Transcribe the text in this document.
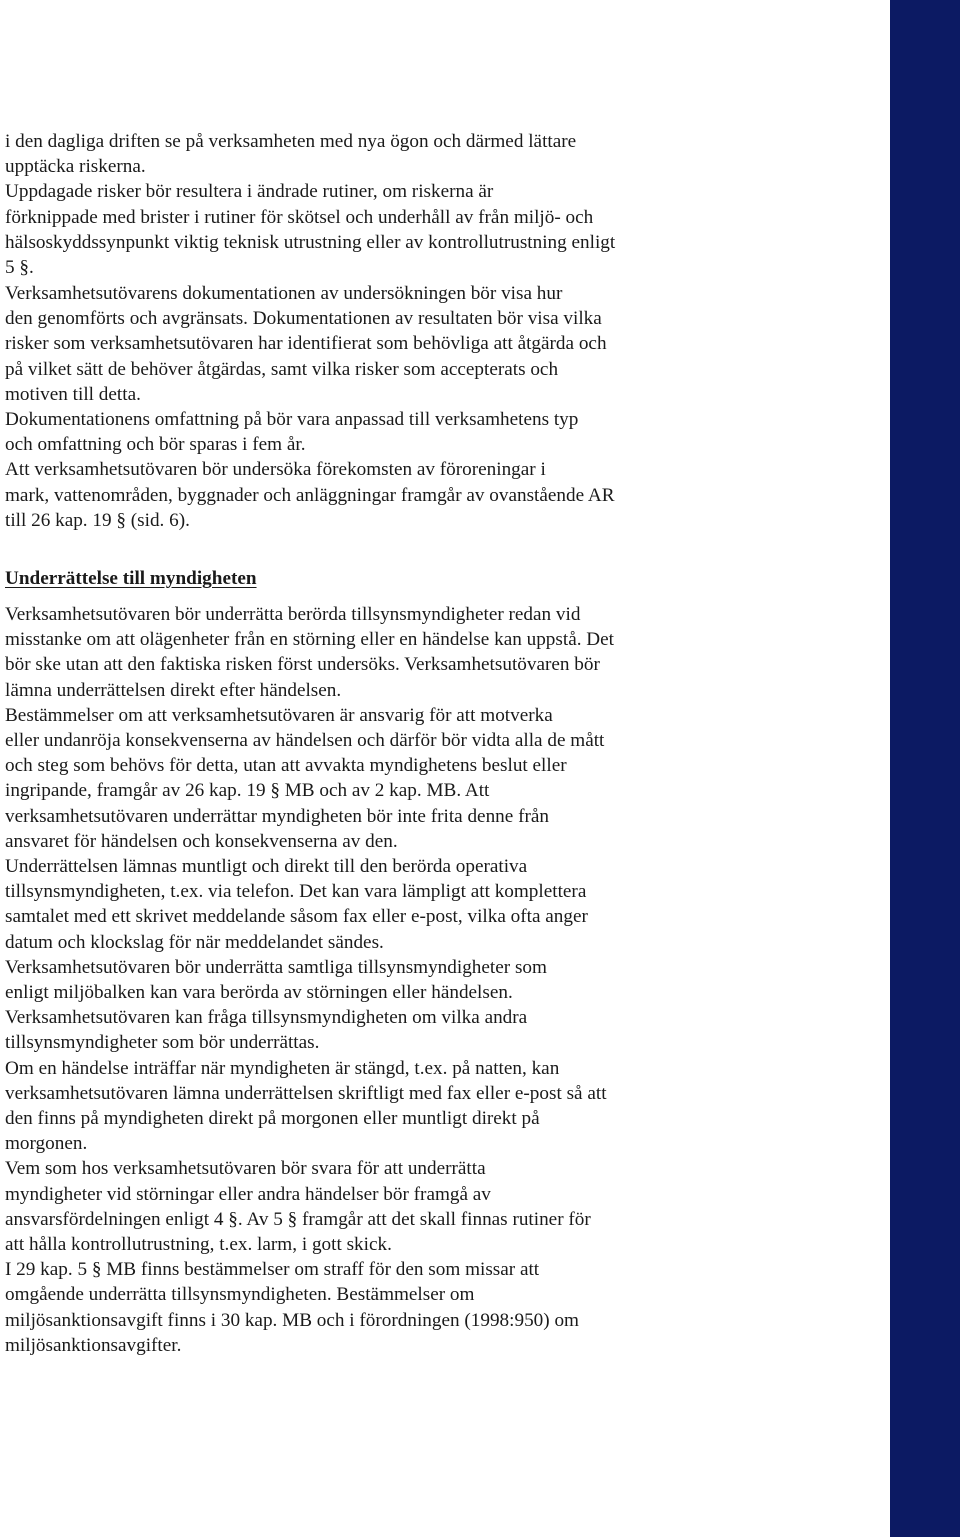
i den dagliga driften se på verksamheten med nya ögon och därmed lättare
upptäcka riskerna.
Uppdagade risker bör resultera i ändrade rutiner, om riskerna är
förknippade med brister i rutiner för skötsel och underhåll av från miljö- och
hälsoskyddssynpunkt viktig teknisk utrustning eller av kontrollutrustning enligt
5 §.

Verksamhetsutövarens dokumentationen av undersökningen bör visa hur
den genomförts och avgränsats. Dokumentationen av resultaten bör visa vilka
risker som verksamhetsutövaren har identifierat som behövliga att åtgärda och
på vilket sätt de behöver åtgärdas, samt vilka risker som accepterats och
motiven till detta.
Dokumentationens omfattning på bör vara anpassad till verksamhetens typ
och omfattning och bör sparas i fem år.
Att verksamhetsutövaren bör undersöka förekomsten av föroreningar i
mark, vattenområden, byggnader och anläggningar framgår av ovanstående AR
till 26 kap. 19 § (sid. 6).

Underrättelse till myndigheten

Verksamhetsutövaren bör underrätta berörda tillsynsmyndigheter redan vid
misstanke om att olägenheter från en störning eller en händelse kan uppstå. Det
bör ske utan att den faktiska risken först undersöks. Verksamhetsutövaren bör
lämna underrättelsen direkt efter händelsen.
Bestämmelser om att verksamhetsutövaren är ansvarig för att motverka
eller undanröja konsekvenserna av händelsen och därför bör vidta alla de mått
och steg som behövs för detta, utan att avvakta myndighetens beslut eller
ingripande, framgår av 26 kap. 19 § MB och av 2 kap. MB. Att
verksamhetsutövaren underrättar myndigheten bör inte frita denne från
ansvaret för händelsen och konsekvenserna av den.
Underrättelsen lämnas muntligt och direkt till den berörda operativa
tillsynsmyndigheten, t.ex. via telefon. Det kan vara lämpligt att komplettera
samtalet med ett skrivet meddelande såsom fax eller e-post, vilka ofta anger
datum och klockslag för när meddelandet sändes.
Verksamhetsutövaren bör underrätta samtliga tillsynsmyndigheter som
enligt miljöbalken kan vara berörda av störningen eller händelsen.
Verksamhetsutövaren kan fråga tillsynsmyndigheten om vilka andra
tillsynsmyndigheter som bör underrättas.
Om en händelse inträffar när myndigheten är stängd, t.ex. på natten, kan
verksamhetsutövaren lämna underrättelsen skriftligt med fax eller e-post så att
den finns på myndigheten direkt på morgonen eller muntligt direkt på
morgonen.
Vem som hos verksamhetsutövaren bör svara för att underrätta
myndigheter vid störningar eller andra händelser bör framgå av
ansvarsfördelningen enligt 4 §. Av 5 § framgår att det skall finnas rutiner för
att hålla kontrollutrustning, t.ex. larm, i gott skick.
I 29 kap. 5 § MB finns bestämmelser om straff för den som missar att
omgående underrätta tillsynsmyndigheten. Bestämmelser om
miljösanktionsavgift finns i 30 kap. MB och i förordningen (1998:950) om
miljösanktionsavgifter.
